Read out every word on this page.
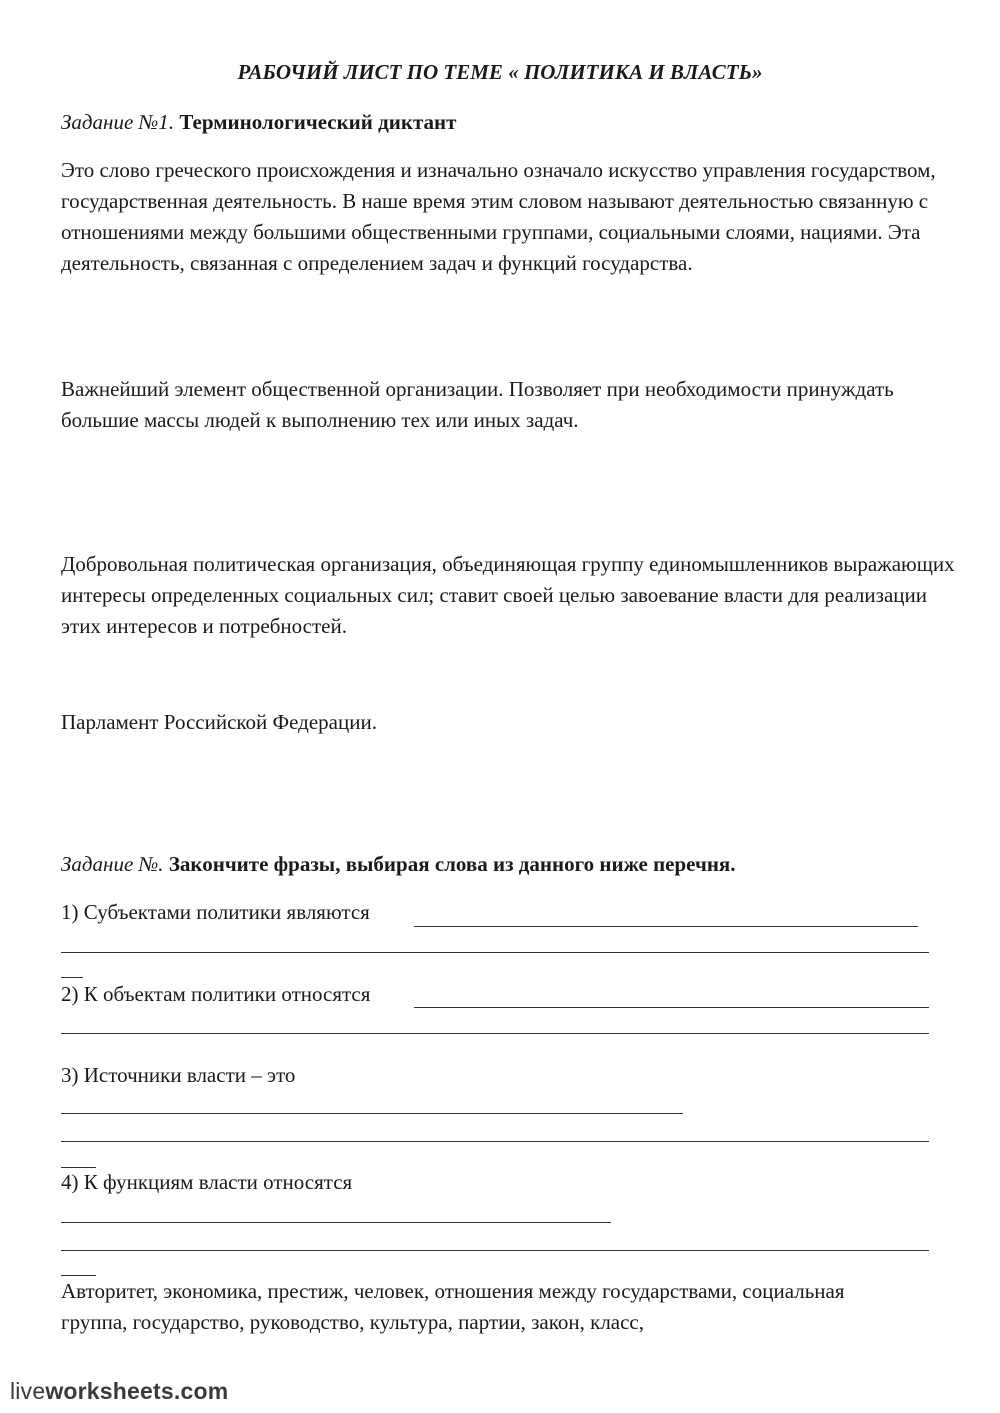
РАБОЧИЙ ЛИСТ ПО ТЕМЕ « ПОЛИТИКА И ВЛАСТЬ»
Задание №1. Терминологический диктант
Это слово греческого происхождения и изначально означало искусство управления государством, государственная деятельность. В наше время этим словом называют деятельностью связанную с отношениями между большими общественными группами, социальными слоями, нациями. Эта деятельность, связанная с определением задач и функций государства.
Важнейший элемент общественной организации. Позволяет при необходимости принуждать большие массы людей к выполнению тех или иных задач.
Добровольная политическая организация, объединяющая группу единомышленников выражающих интересы определенных социальных сил; ставит своей целью завоевание власти для реализации этих интересов и потребностей.
Парламент Российской Федерации.
Задание №. Закончите фразы, выбирая слова из данного ниже перечня.
1) Субъектами политики являются
2) К объектам политики относятся
3) Источники власти – это
4) К функциям власти относятся
Авторитет, экономика, престиж, человек, отношения между государствами, социальная группа, государство, руководство, культура, партии, закон, класс,
liveworksheets.com
